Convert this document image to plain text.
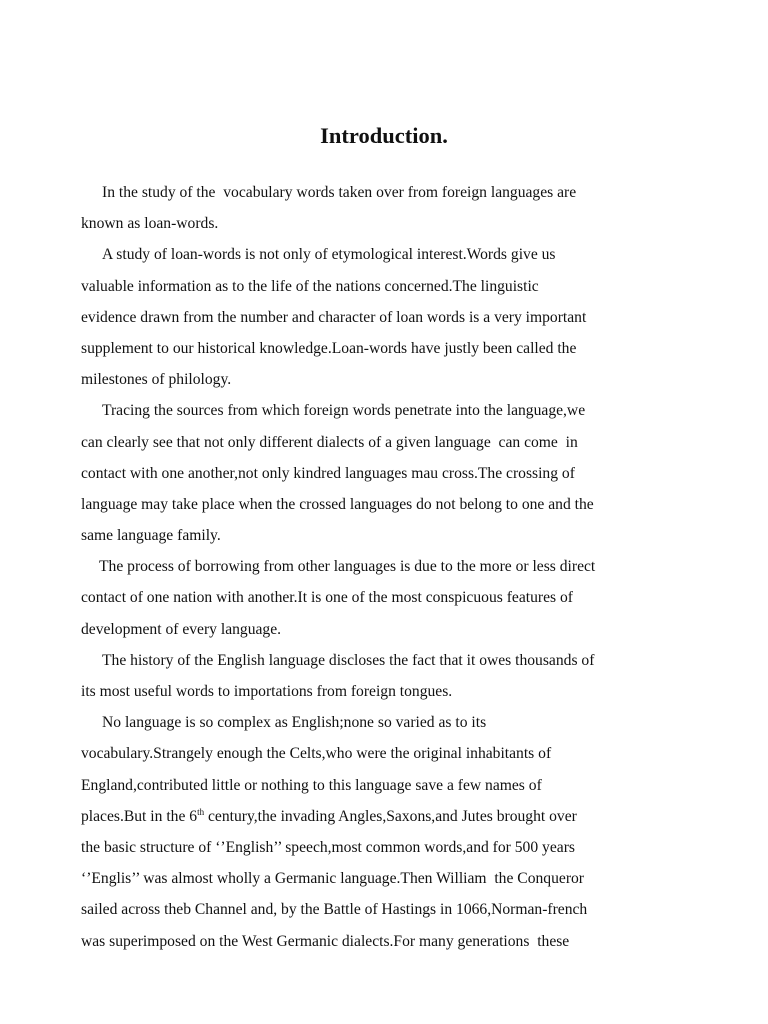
Introduction.
In the study of the  vocabulary words taken over from foreign languages are
known as loan-words.
A study of loan-words is not only of etymological interest.Words give us
valuable information as to the life of the nations concerned.The linguistic
evidence drawn from the number and character of loan words is a very important
supplement to our historical knowledge.Loan-words have justly been called the
milestones of philology.
Tracing the sources from which foreign words penetrate into the language,we
can clearly see that not only different dialects of a given language  can come  in
contact with one another,not only kindred languages mau cross.The crossing of
language may take place when the crossed languages do not belong to one and the
same language family.
The process of borrowing from other languages is due to the more or less direct
contact of one nation with another.It is one of the most conspicuous features of
development of every language.
The history of the English language discloses the fact that it owes thousands of
its most useful words to importations from foreign tongues.
No language is so complex as English;none so varied as to its
vocabulary.Strangely enough the Celts,who were the original inhabitants of
England,contributed little or nothing to this language save a few names of
places.But in the 6th century,the invading Angles,Saxons,and Jutes brought over
the basic structure of ‘’English’’ speech,most common words,and for 500 years
‘’Englis’’ was almost wholly a Germanic language.Then William  the Conqueror
sailed across theb Channel and, by the Battle of Hastings in 1066,Norman-french
was superimposed on the West Germanic dialects.For many generations  these
